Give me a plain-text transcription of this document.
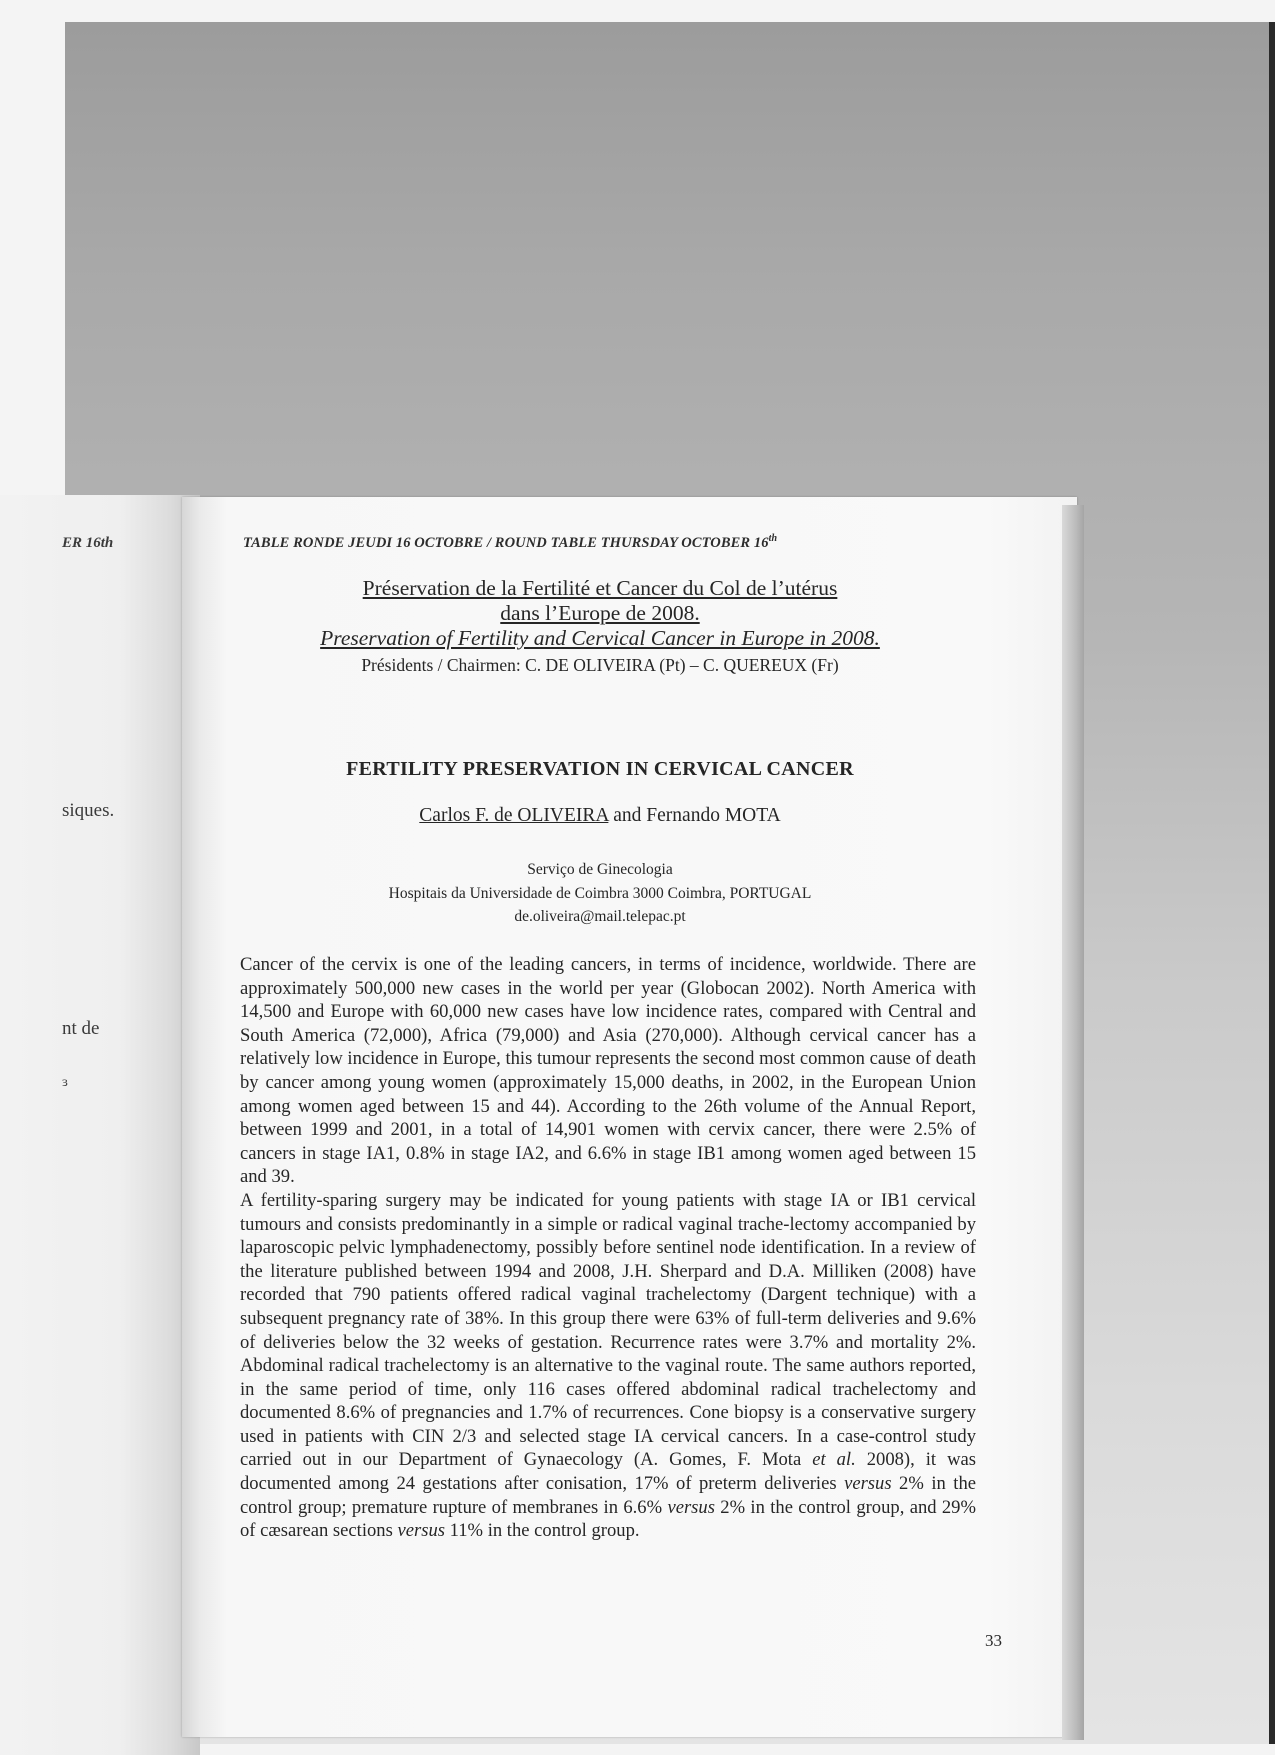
ER 16th
siques.
nt de
ɜ
TABLE RONDE JEUDI 16 OCTOBRE / ROUND TABLE THURSDAY OCTOBER 16th
Préservation de la Fertilité et Cancer du Col de l’utérus
dans l’Europe de 2008.
Preservation of Fertility and Cervical Cancer in Europe in 2008.

Présidents / Chairmen: C. DE OLIVEIRA (Pt) – C. QUEREUX (Fr)
FERTILITY PRESERVATION IN CERVICAL CANCER
Carlos F. de OLIVEIRA and Fernando MOTA
Serviço de Ginecologia
Hospitais da Universidade de Coimbra 3000 Coimbra, PORTUGAL
de.oliveira@mail.telepac.pt

Cancer of the cervix is one of the leading cancers, in terms of incidence, worldwide. There are approximately 500,000 new cases in the world per year (Globocan 2002). North America with 14,500 and Europe with 60,000 new cases have low incidence rates, compared with Central and South America (72,000), Africa (79,000) and Asia (270,000). Although cervical cancer has a relatively low incidence in Europe, this tumour represents the second most common cause of death by cancer among young women (approximately 15,000 deaths, in 2002, in the European Union among women aged between 15 and 44). According to the 26th volume of the Annual Report, between 1999 and 2001, in a total of 14,901 women with cervix cancer, there were 2.5% of cancers in stage IA1, 0.8% in stage IA2, and 6.6% in stage IB1 among women aged between 15 and 39.

A fertility-sparing surgery may be indicated for young patients with stage IA or IB1 cervical tumours and consists predominantly in a simple or radical vaginal trache-lectomy accompanied by laparoscopic pelvic lymphadenectomy, possibly before sentinel node identification. In a review of the literature published between 1994 and 2008, J.H. Sherpard and D.A. Milliken (2008) have recorded that 790 patients offered radical vaginal trachelectomy (Dargent technique) with a subsequent pregnancy rate of 38%. In this group there were 63% of full-term deliveries and 9.6% of deliveries below the 32 weeks of gestation. Recurrence rates were 3.7% and mortality 2%. Abdominal radical trachelectomy is an alternative to the vaginal route. The same authors reported, in the same period of time, only 116 cases offered abdominal radical trachelectomy and documented 8.6% of pregnancies and 1.7% of recurrences. Cone biopsy is a conservative surgery used in patients with CIN 2/3 and selected stage IA cervical cancers. In a case-control study carried out in our Department of Gynaecology (A. Gomes, F. Mota et al. 2008), it was documented among 24 gestations after conisation, 17% of preterm deliveries versus 2% in the control group; premature rupture of membranes in 6.6% versus 2% in the control group, and 29% of cæsarean sections versus 11% in the control group.

33
